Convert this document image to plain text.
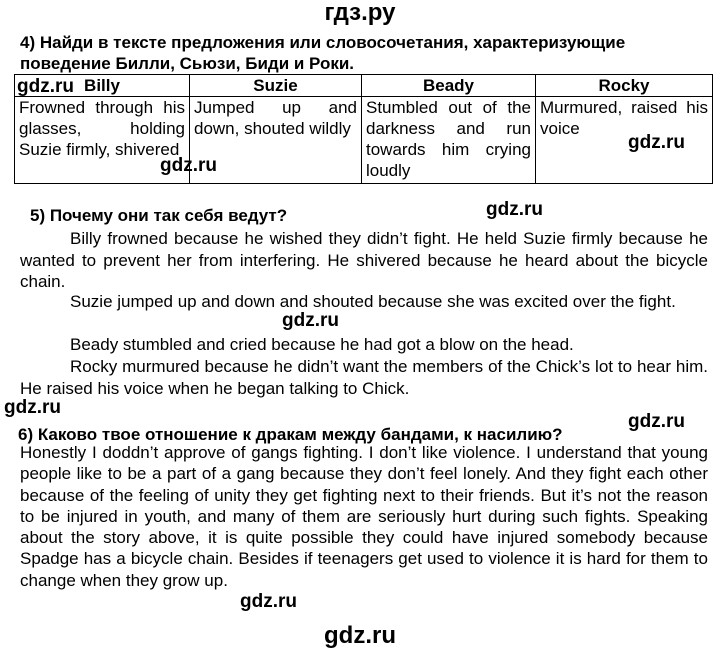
гдз.ру
4) Найди в тексте предложения или словосочетания, характеризующие поведение Билли, Сьюзи, Биди и Роки.
Billy	Suzie	Beady	Rocky
Frowned through his glasses, holding Suzie firmly, shivered	Jumped up and down, shouted wildly	Stumbled out of the darkness and run towards him crying loudly	Murmured, raised his voice
5) Почему они так себя ведут?

Billy frowned because he wished they didn’t fight. He held Suzie firmly because he wanted to prevent her from interfering. He shivered because he heard about the bicycle chain.

Suzie jumped up and down and shouted because she was excited over the fight.

Beady stumbled and cried because he had got a blow on the head.

Rocky murmured because he didn’t want the members of the Chick’s lot to hear him. He raised his voice when he began talking to Chick.

6) Каково твое отношение к дракам между бандами, к насилию?

Honestly I doddn’t approve of gangs fighting. I don’t like violence. I understand that young people like to be a part of a gang because they don’t feel lonely. And they fight each other because of the feeling of unity they get fighting next to their friends. But it’s not the reason to be injured in youth, and many of them are seriously hurt during such fights. Speaking about the story above, it is quite possible they could have injured somebody because Spadge has a bicycle chain. Besides if teenagers get used to violence it is hard for them to change when they grow up.

gdz.ru
gdz.ru
gdz.ru
gdz.ru
gdz.ru
gdz.ru
gdz.ru
gdz.ru
gdz.ru
